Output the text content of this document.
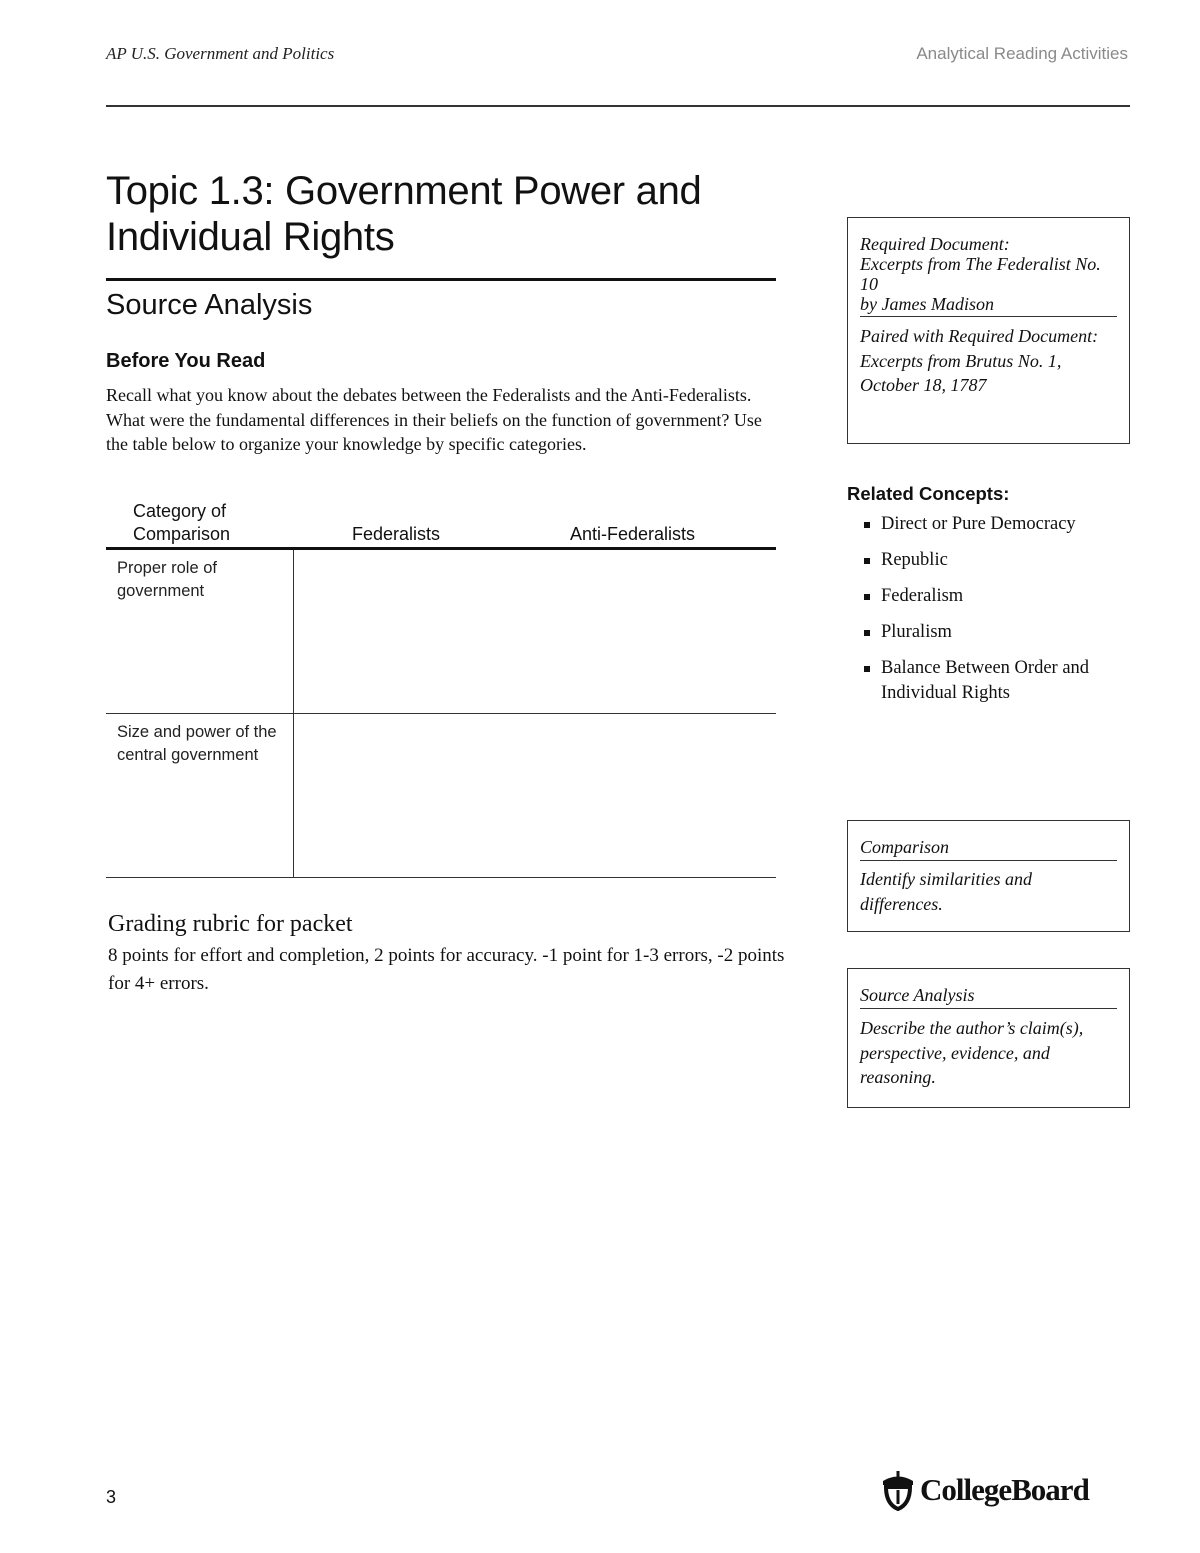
AP U.S. Government and Politics	Analytical Reading Activities
Topic 1.3: Government Power and Individual Rights
Source Analysis
Before You Read
Recall what you know about the debates between the Federalists and the Anti-Federalists. What were the fundamental differences in their beliefs on the function of government? Use the table below to organize your knowledge by specific categories.
Category of Comparison	Federalists	Anti-Federalists
Proper role of government
Size and power of the central government
Grading rubric for packet
8 points for effort and completion, 2 points for accuracy. -1 point for 1-3 errors, -2 points for 4+ errors.
Required Document:
Excerpts from The Federalist No. 10
by James Madison
Paired with Required Document: Excerpts from Brutus No. 1, October 18, 1787
Related Concepts:
Direct or Pure Democracy
Republic
Federalism
Pluralism
Balance Between Order and Individual Rights
Comparison
Identify similarities and differences.
Source Analysis
Describe the author’s claim(s), perspective, evidence, and reasoning.
3	CollegeBoard
